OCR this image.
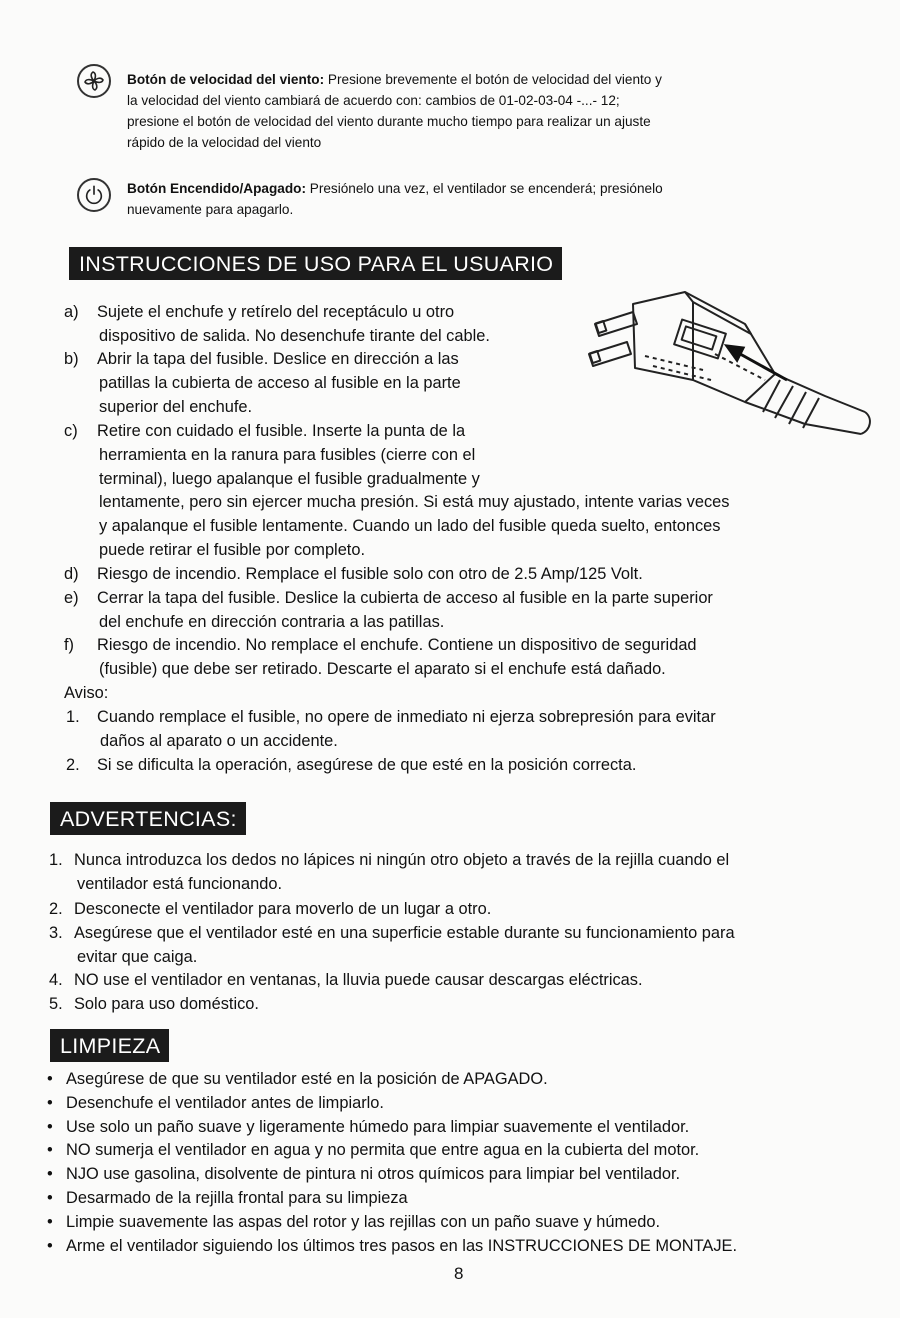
Botón de velocidad del viento: Presione brevemente el botón de velocidad del viento y
la velocidad del viento cambiará de acuerdo con: cambios de 01-02-03-04 -...- 12;
presione el botón de velocidad del viento durante mucho tiempo para realizar un ajuste
rápido de la velocidad del viento
Botón Encendido/Apagado: Presiónelo una vez, el ventilador se encenderá; presiónelo
nuevamente para apagarlo.
INSTRUCCIONES DE USO PARA EL USUARIO
a) Sujete el enchufe y retírelo del receptáculo u otro
dispositivo de salida. No desenchufe tirante del cable.
b) Abrir la tapa del fusible. Deslice en dirección a las
patillas la cubierta de acceso al fusible en la parte
superior del enchufe.
c) Retire con cuidado el fusible. Inserte la punta de la
herramienta en la ranura para fusibles (cierre con el
terminal), luego apalanque el fusible gradualmente y
lentamente, pero sin ejercer mucha presión. Si está muy ajustado, intente varias veces
y apalanque el fusible lentamente. Cuando un lado del fusible queda suelto, entonces
puede retirar el fusible por completo.
d) Riesgo de incendio. Remplace el fusible solo con otro de 2.5 Amp/125 Volt.
e) Cerrar la tapa del fusible. Deslice la cubierta de acceso al fusible en la parte superior
del enchufe en dirección contraria a las patillas.
f) Riesgo de incendio. No remplace el enchufe. Contiene un dispositivo de seguridad
(fusible) que debe ser retirado. Descarte el aparato si el enchufe está dañado.
Aviso:
1. Cuando remplace el fusible, no opere de inmediato ni ejerza sobrepresión para evitar
daños al aparato o un accidente.
2. Si se dificulta la operación, asegúrese de que esté en la posición correcta.
ADVERTENCIAS:
1. Nunca introduzca los dedos no lápices ni ningún otro objeto a través de la rejilla cuando el
ventilador está funcionando.
2. Desconecte el ventilador para moverlo de un lugar a otro.
3. Asegúrese que el ventilador esté en una superficie estable durante su funcionamiento para
evitar que caiga.
4. NO use el ventilador en ventanas, la lluvia puede causar descargas eléctricas.
5. Solo para uso doméstico.
LIMPIEZA
• Asegúrese de que su ventilador esté en la posición de APAGADO.
• Desenchufe el ventilador antes de limpiarlo.
• Use solo un paño suave y ligeramente húmedo para limpiar suavemente el ventilador.
• NO sumerja el ventilador en agua y no permita que entre agua en la cubierta del motor.
• NJO use gasolina, disolvente de pintura ni otros químicos para limpiar bel ventilador.
• Desarmado de la rejilla frontal para su limpieza
• Limpie suavemente las aspas del rotor y las rejillas con un paño suave y húmedo.
• Arme el ventilador siguiendo los últimos tres pasos en las INSTRUCCIONES DE MONTAJE.
8
